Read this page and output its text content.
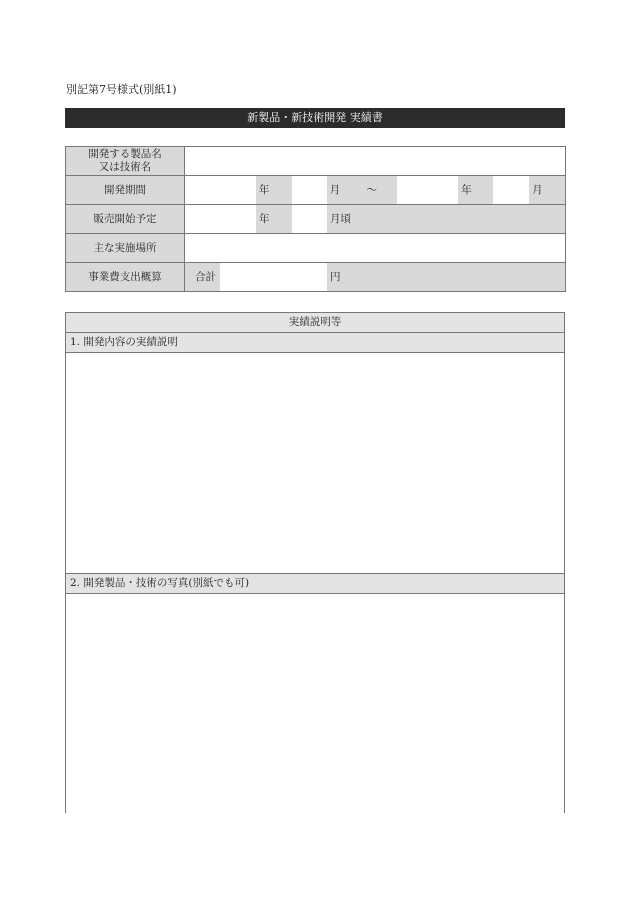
別記第7号様式(別紙1)
新製品・新技術開発 実績書
開発する製品名
又は技術名	

開発期間	年 月 〜 年 月

販売開始予定	年 月頃

主な実施場所	
事業費支出概算	合計 円
実績説明等
1. 開発内容の実績説明
2. 開発製品・技術の写真(別紙でも可)
